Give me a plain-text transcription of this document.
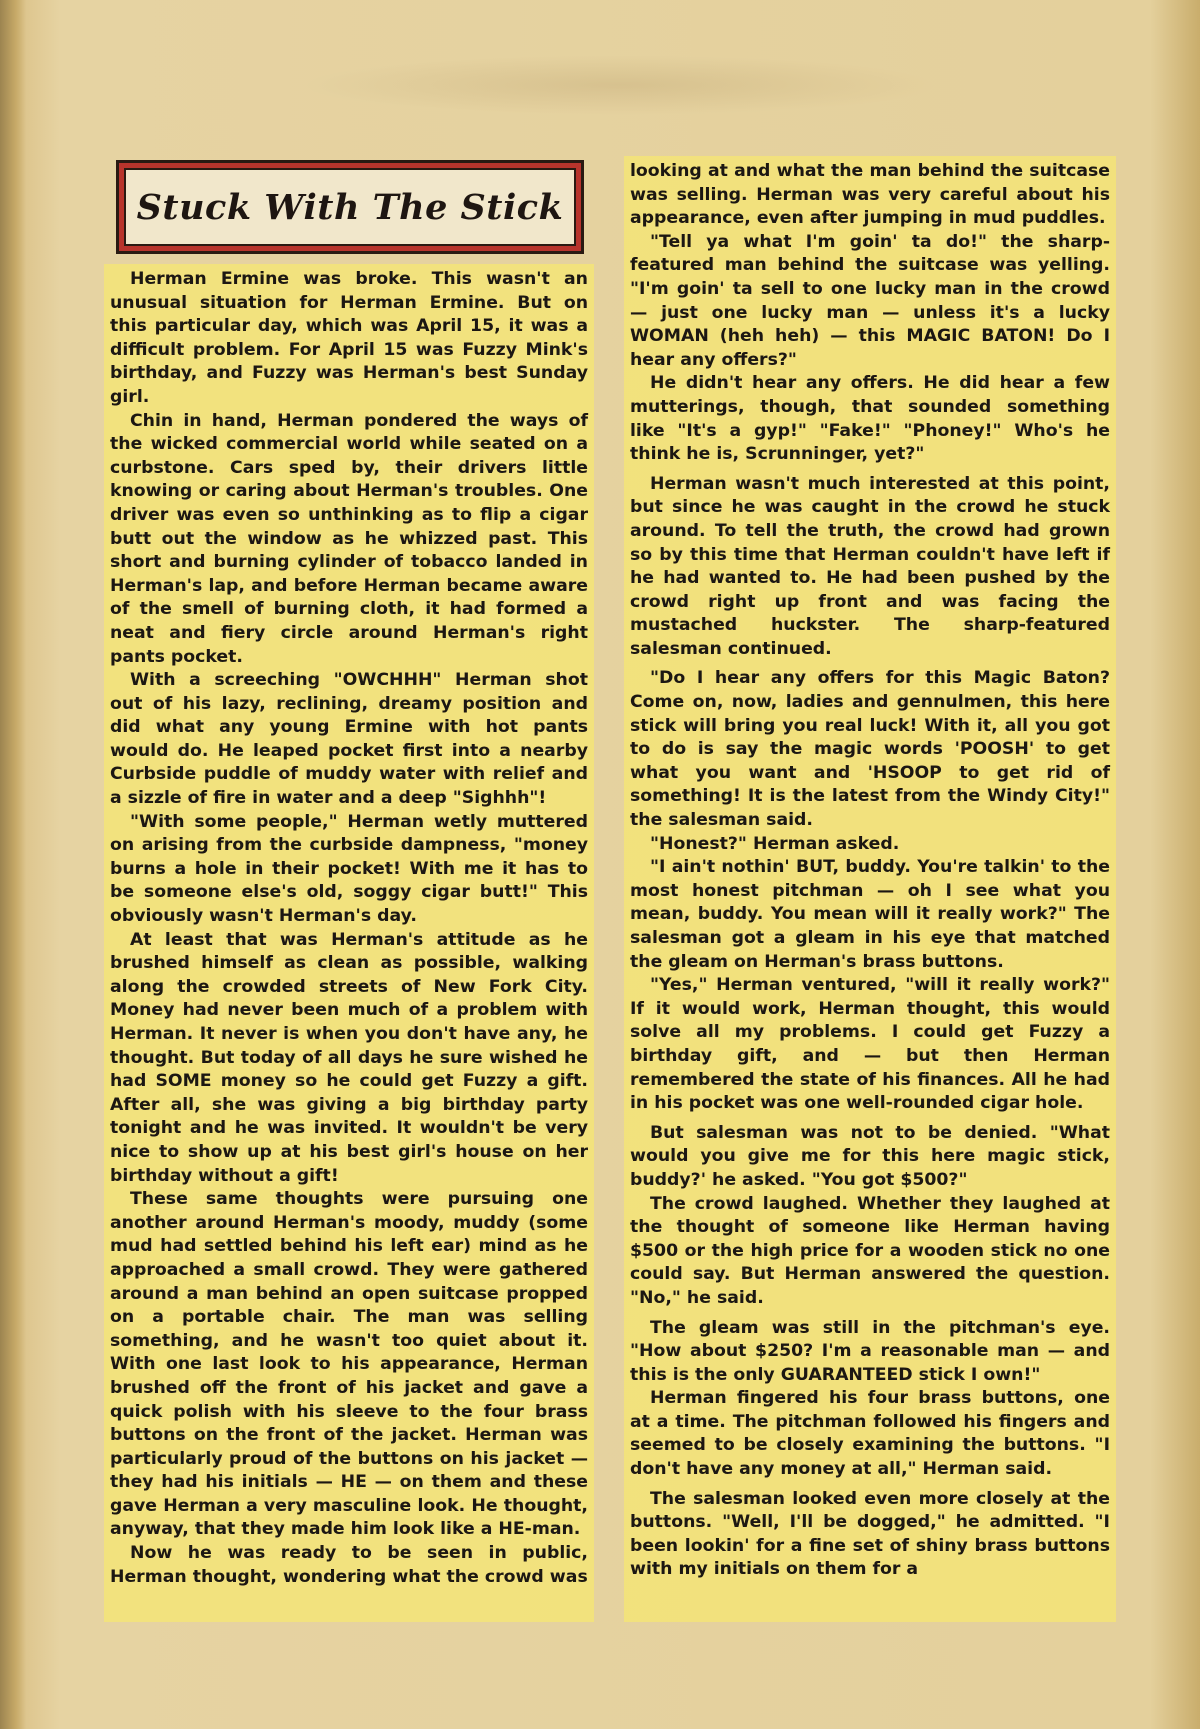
Stuck With The Stick

Herman Ermine was broke. This wasn't an unusual situation for Herman Ermine. But on this particular day, which was April 15, it was a difficult problem. For April 15 was Fuzzy Mink's birthday, and Fuzzy was Herman's best Sunday girl.

Chin in hand, Herman pondered the ways of the wicked commercial world while seated on a curbstone. Cars sped by, their drivers little knowing or caring about Herman's troubles. One driver was even so unthinking as to flip a cigar butt out the window as he whizzed past. This short and burning cylinder of tobacco landed in Herman's lap, and before Herman became aware of the smell of burning cloth, it had formed a neat and fiery circle around Herman's right pants pocket.

With a screeching "OWCHHH" Herman shot out of his lazy, reclining, dreamy position and did what any young Ermine with hot pants would do. He leaped pocket first into a nearby Curbside puddle of muddy water with relief and a sizzle of fire in water and a deep "Sighhh"!

"With some people," Herman wetly muttered on arising from the curbside dampness, "money burns a hole in their pocket! With me it has to be someone else's old, soggy cigar butt!" This obviously wasn't Herman's day.

At least that was Herman's attitude as he brushed himself as clean as possible, walking along the crowded streets of New Fork City. Money had never been much of a problem with Herman. It never is when you don't have any, he thought. But today of all days he sure wished he had SOME money so he could get Fuzzy a gift. After all, she was giving a big birthday party tonight and he was invited. It wouldn't be very nice to show up at his best girl's house on her birthday without a gift!

These same thoughts were pursuing one another around Herman's moody, muddy (some mud had settled behind his left ear) mind as he approached a small crowd. They were gathered around a man behind an open suitcase propped on a portable chair. The man was selling something, and he wasn't too quiet about it. With one last look to his appearance, Herman brushed off the front of his jacket and gave a quick polish with his sleeve to the four brass buttons on the front of the jacket. Herman was particularly proud of the buttons on his jacket — they had his initials — HE — on them and these gave Herman a very masculine look. He thought, anyway, that they made him look like a HE-man.

Now he was ready to be seen in public, Herman thought, wondering what the crowd was

looking at and what the man behind the suitcase was selling. Herman was very careful about his appearance, even after jumping in mud puddles.

"Tell ya what I'm goin' ta do!" the sharp-featured man behind the suitcase was yelling. "I'm goin' ta sell to one lucky man in the crowd — just one lucky man — unless it's a lucky WOMAN (heh heh) — this MAGIC BATON! Do I hear any offers?"

He didn't hear any offers. He did hear a few mutterings, though, that sounded something like "It's a gyp!" "Fake!" "Phoney!" Who's he think he is, Scrunninger, yet?"

Herman wasn't much interested at this point, but since he was caught in the crowd he stuck around. To tell the truth, the crowd had grown so by this time that Herman couldn't have left if he had wanted to. He had been pushed by the crowd right up front and was facing the mustached huckster. The sharp-featured salesman continued.

"Do I hear any offers for this Magic Baton? Come on, now, ladies and gennulmen, this here stick will bring you real luck! With it, all you got to do is say the magic words 'POOSH' to get what you want and 'HSOOP to get rid of something! It is the latest from the Windy City!" the salesman said.

"Honest?" Herman asked.

"I ain't nothin' BUT, buddy. You're talkin' to the most honest pitchman — oh I see what you mean, buddy. You mean will it really work?" The salesman got a gleam in his eye that matched the gleam on Herman's brass buttons.

"Yes," Herman ventured, "will it really work?" If it would work, Herman thought, this would solve all my problems. I could get Fuzzy a birthday gift, and — but then Herman remembered the state of his finances. All he had in his pocket was one well-rounded cigar hole.

But salesman was not to be denied. "What would you give me for this here magic stick, buddy?' he asked. "You got $500?"

The crowd laughed. Whether they laughed at the thought of someone like Herman having $500 or the high price for a wooden stick no one could say. But Herman answered the question. "No," he said.

The gleam was still in the pitchman's eye. "How about $250? I'm a reasonable man — and this is the only GUARANTEED stick I own!"

Herman fingered his four brass buttons, one at a time. The pitchman followed his fingers and seemed to be closely examining the buttons. "I don't have any money at all," Herman said.

The salesman looked even more closely at the buttons. "Well, I'll be dogged," he admitted. "I been lookin' for a fine set of shiny brass buttons with my initials on them for a
